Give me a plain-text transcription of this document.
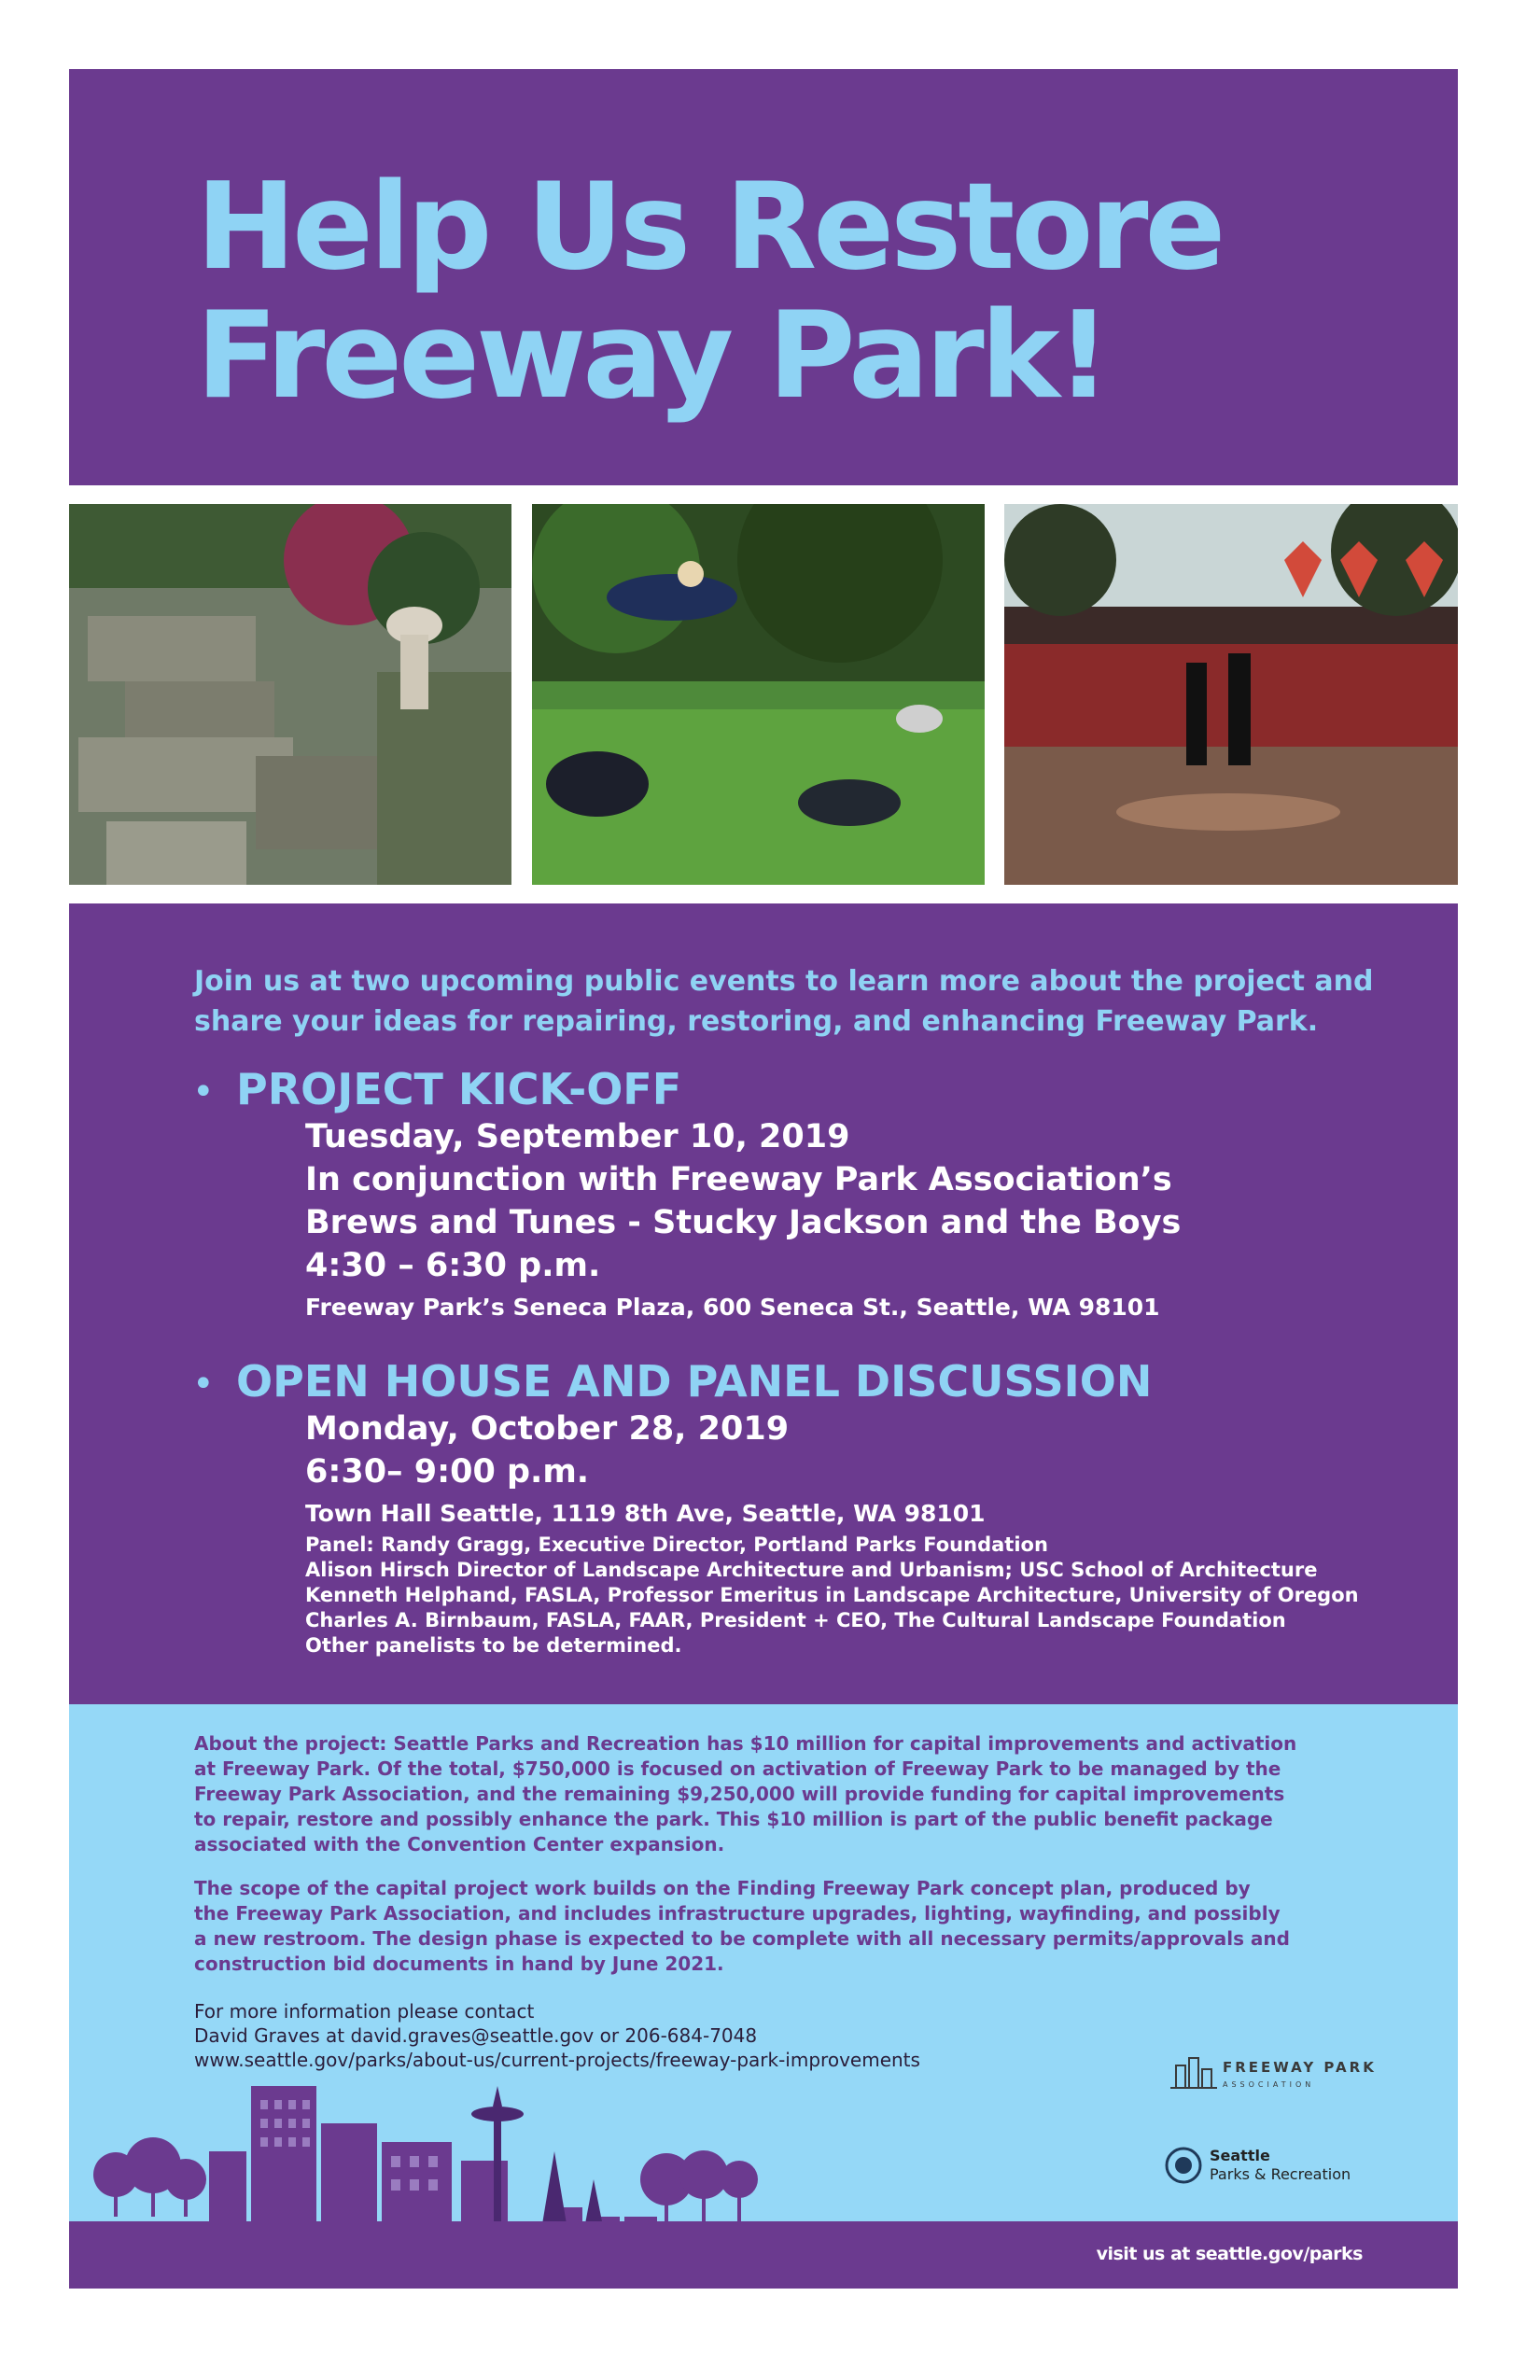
Help Us Restore
Freeway Park!
Join us at two upcoming public events to learn more about the project and
share your ideas for repairing, restoring, and enhancing Freeway Park.
• PROJECT KICK-OFF
Tuesday, September 10, 2019
In conjunction with Freeway Park Association’s
Brews and Tunes - Stucky Jackson and the Boys
4:30 – 6:30 p.m.
Freeway Park’s Seneca Plaza, 600 Seneca St., Seattle, WA 98101
• OPEN HOUSE AND PANEL DISCUSSION
Monday, October 28, 2019
6:30– 9:00 p.m.
Town Hall Seattle, 1119 8th Ave, Seattle, WA 98101
Panel: Randy Gragg, Executive Director, Portland Parks Foundation
Alison Hirsch Director of Landscape Architecture and Urbanism; USC School of Architecture
Kenneth Helphand, FASLA, Professor Emeritus in Landscape Architecture, University of Oregon
Charles A. Birnbaum, FASLA, FAAR, President + CEO, The Cultural Landscape Foundation
Other panelists to be determined.
About the project: Seattle Parks and Recreation has $10 million for capital improvements and activation
at Freeway Park. Of the total, $750,000 is focused on activation of Freeway Park to be managed by the
Freeway Park Association, and the remaining $9,250,000 will provide funding for capital improvements
to repair, restore and possibly enhance the park. This $10 million is part of the public benefit package
associated with the Convention Center expansion.
The scope of the capital project work builds on the Finding Freeway Park concept plan, produced by
the Freeway Park Association, and includes infrastructure upgrades, lighting, wayfinding, and possibly
a new restroom. The design phase is expected to be complete with all necessary permits/approvals and
construction bid documents in hand by June 2021.
For more information please contact
David Graves at david.graves@seattle.gov or 206-684-7048
www.seattle.gov/parks/about-us/current-projects/freeway-park-improvements
visit us at seattle.gov/parks
FREEWAY PARK
ASSOCIATION
Seattle
Parks & Recreation
